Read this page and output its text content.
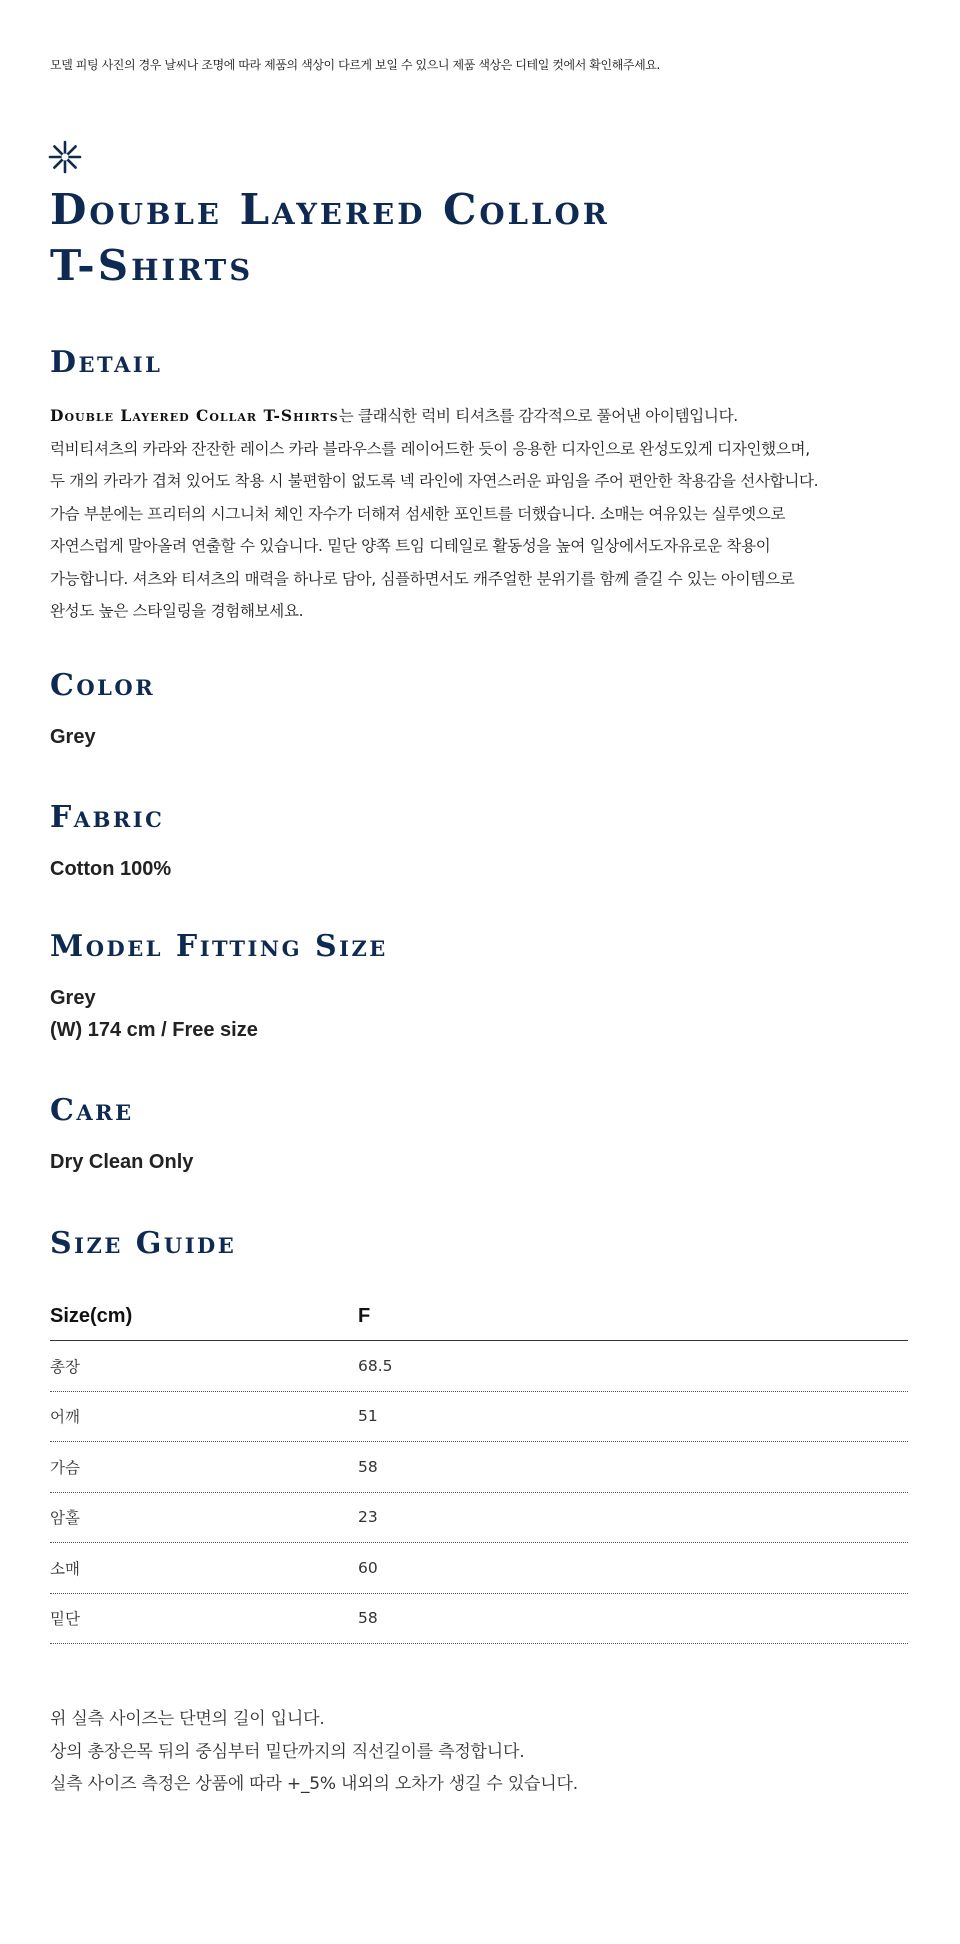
모델 피팅 사진의 경우 날씨나 조명에 따라 제품의 색상이 다르게 보일 수 있으니 제품 색상은 디테일 컷에서 확인해주세요.
Double Layered Collor
T-Shirts
Detail
Double Layered Collar T-Shirts는 클래식한 럭비 티셔츠를 감각적으로 풀어낸 아이템입니다.
럭비티셔츠의 카라와 잔잔한 레이스 카라 블라우스를 레이어드한 듯이 응용한 디자인으로 완성도있게 디자인했으며,
두 개의 카라가 겹쳐 있어도 착용 시 불편함이 없도록 넥 라인에 자연스러운 파임을 주어 편안한 착용감을 선사합니다.
가슴 부분에는 프리터의 시그니처 체인 자수가 더해져 섬세한 포인트를 더했습니다. 소매는 여유있는 실루엣으로
자연스럽게 말아올려 연출할 수 있습니다. 밑단 양쪽 트임 디테일로 활동성을 높여 일상에서도자유로운 착용이
가능합니다. 셔츠와 티셔츠의 매력을 하나로 담아, 심플하면서도 캐주얼한 분위기를 함께 즐길 수 있는 아이템으로
완성도 높은 스타일링을 경험해보세요.
Color
Grey
Fabric
Cotton 100%
Model Fitting Size
Grey
(W) 174 cm / Free size
Care
Dry Clean Only
Size Guide
Size(cm)	F
총장	68.5
어깨	51
가슴	58
암홀	23
소매	60
밑단	58
위 실측 사이즈는 단면의 길이 입니다.
상의 총장은목 뒤의 중심부터 밑단까지의 직선길이를 측정합니다.
실측 사이즈 측정은 상품에 따라 +_5% 내외의 오차가 생길 수 있습니다.
